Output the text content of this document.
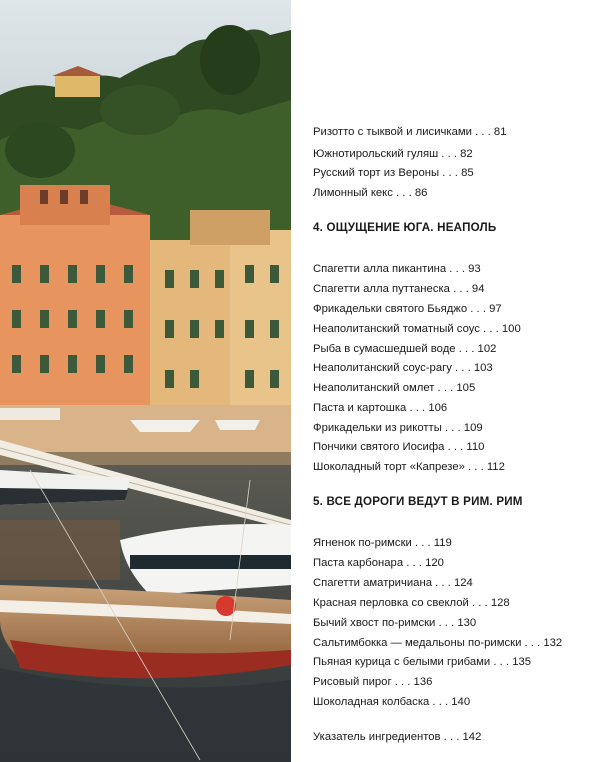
Ризотто с тыквой и лисичками . . . 81
Южнотирольский гуляш . . . 82
Русский торт из Вероны . . . 85
Лимонный кекс . . . 86
4. ОЩУЩЕНИЕ ЮГА. НЕАПОЛЬ
Спагетти алла пикантина . . . 93
Спагетти алла путтанеска . . . 94
Фрикадельки святого Бьяджо . . . 97
Неаполитанский томатный соус . . . 100
Рыба в сумасшедшей воде . . . 102
Неаполитанский соус-рагу . . . 103
Неаполитанский омлет . . . 105
Паста и картошка . . . 106
Фрикадельки из рикотты . . . 109
Пончики святого Иосифа . . . 110
Шоколадный торт «Капрезе» . . . 112
5. ВСЕ ДОРОГИ ВЕДУТ В РИМ. РИМ
Ягненок по-римски . . . 119
Паста карбонара . . . 120
Спагетти аматричиана . . . 124
Красная перловка со свеклой . . . 128
Бычий хвост по-римски . . . 130
Сальтимбокка — медальоны по-римски . . . 132
Пьяная курица с белыми грибами . . . 135
Рисовый пирог . . . 136
Шоколадная колбаска . . . 140
Указатель ингредиентов . . . 142
